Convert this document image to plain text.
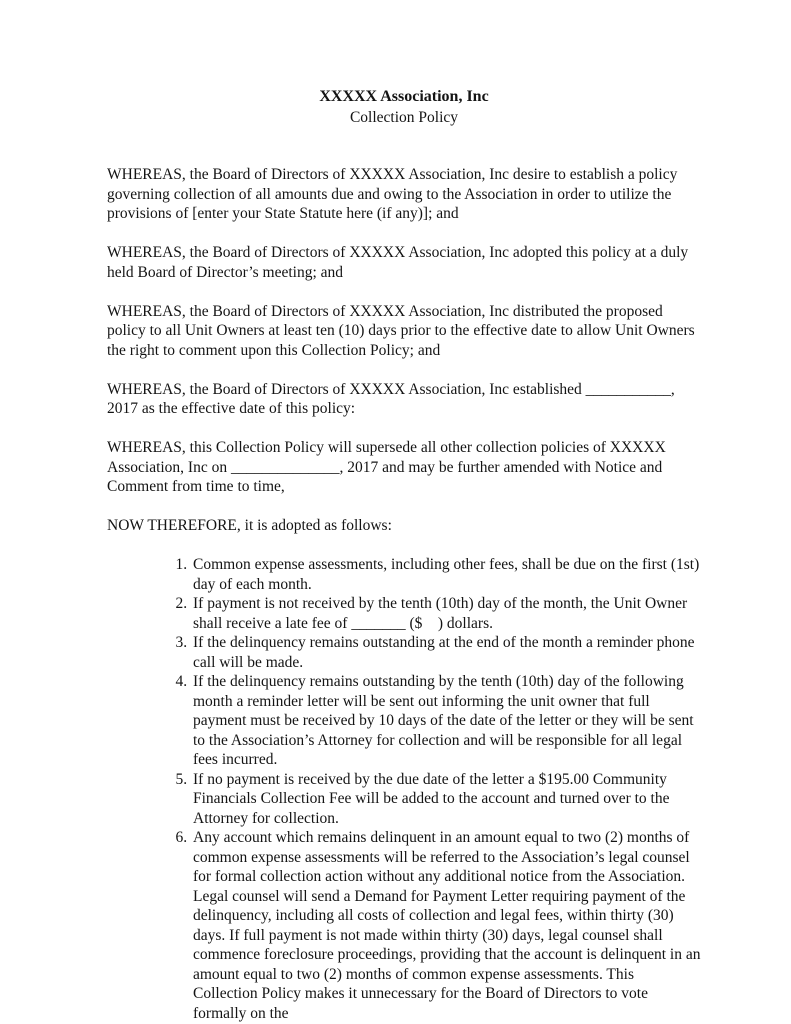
XXXXX Association, Inc
Collection Policy

WHEREAS, the Board of Directors of XXXXX Association, Inc desire to establish a policy governing collection of all amounts due and owing to the Association in order to utilize the provisions of [enter your State Statute here (if any)]; and

WHEREAS, the Board of Directors of XXXXX Association, Inc adopted this policy at a duly held Board of Director’s meeting; and

WHEREAS, the Board of Directors of XXXXX Association, Inc distributed the proposed policy to all Unit Owners at least ten (10) days prior to the effective date to allow Unit Owners the right to comment upon this Collection Policy; and

WHEREAS, the Board of Directors of XXXXX Association, Inc established ___________, 2017 as the effective date of this policy:

WHEREAS, this Collection Policy will supersede all other collection policies of XXXXX Association, Inc on ______________, 2017 and may be further amended with Notice and Comment from time to time,

NOW THEREFORE, it is adopted as follows:

1. Common expense assessments, including other fees, shall be due on the first (1st) day of each month.
2. If payment is not received by the tenth (10th) day of the month, the Unit Owner shall receive a late fee of _______ ($    ) dollars.
3. If the delinquency remains outstanding at the end of the month a reminder phone call will be made.
4. If the delinquency remains outstanding by the tenth (10th) day of the following month a reminder letter will be sent out informing the unit owner that full payment must be received by 10 days of the date of the letter or they will be sent to the Association’s Attorney for collection and will be responsible for all legal fees incurred.
5. If no payment is received by the due date of the letter a $195.00 Community Financials Collection Fee will be added to the account and turned over to the Attorney for collection.
6. Any account which remains delinquent in an amount equal to two (2) months of common expense assessments will be referred to the Association’s legal counsel for formal collection action without any additional notice from the Association. Legal counsel will send a Demand for Payment Letter requiring payment of the delinquency, including all costs of collection and legal fees, within thirty (30) days. If full payment is not made within thirty (30) days, legal counsel shall commence foreclosure proceedings, providing that the account is delinquent in an amount equal to two (2) months of common expense assessments. This Collection Policy makes it unnecessary for the Board of Directors to vote formally on the
